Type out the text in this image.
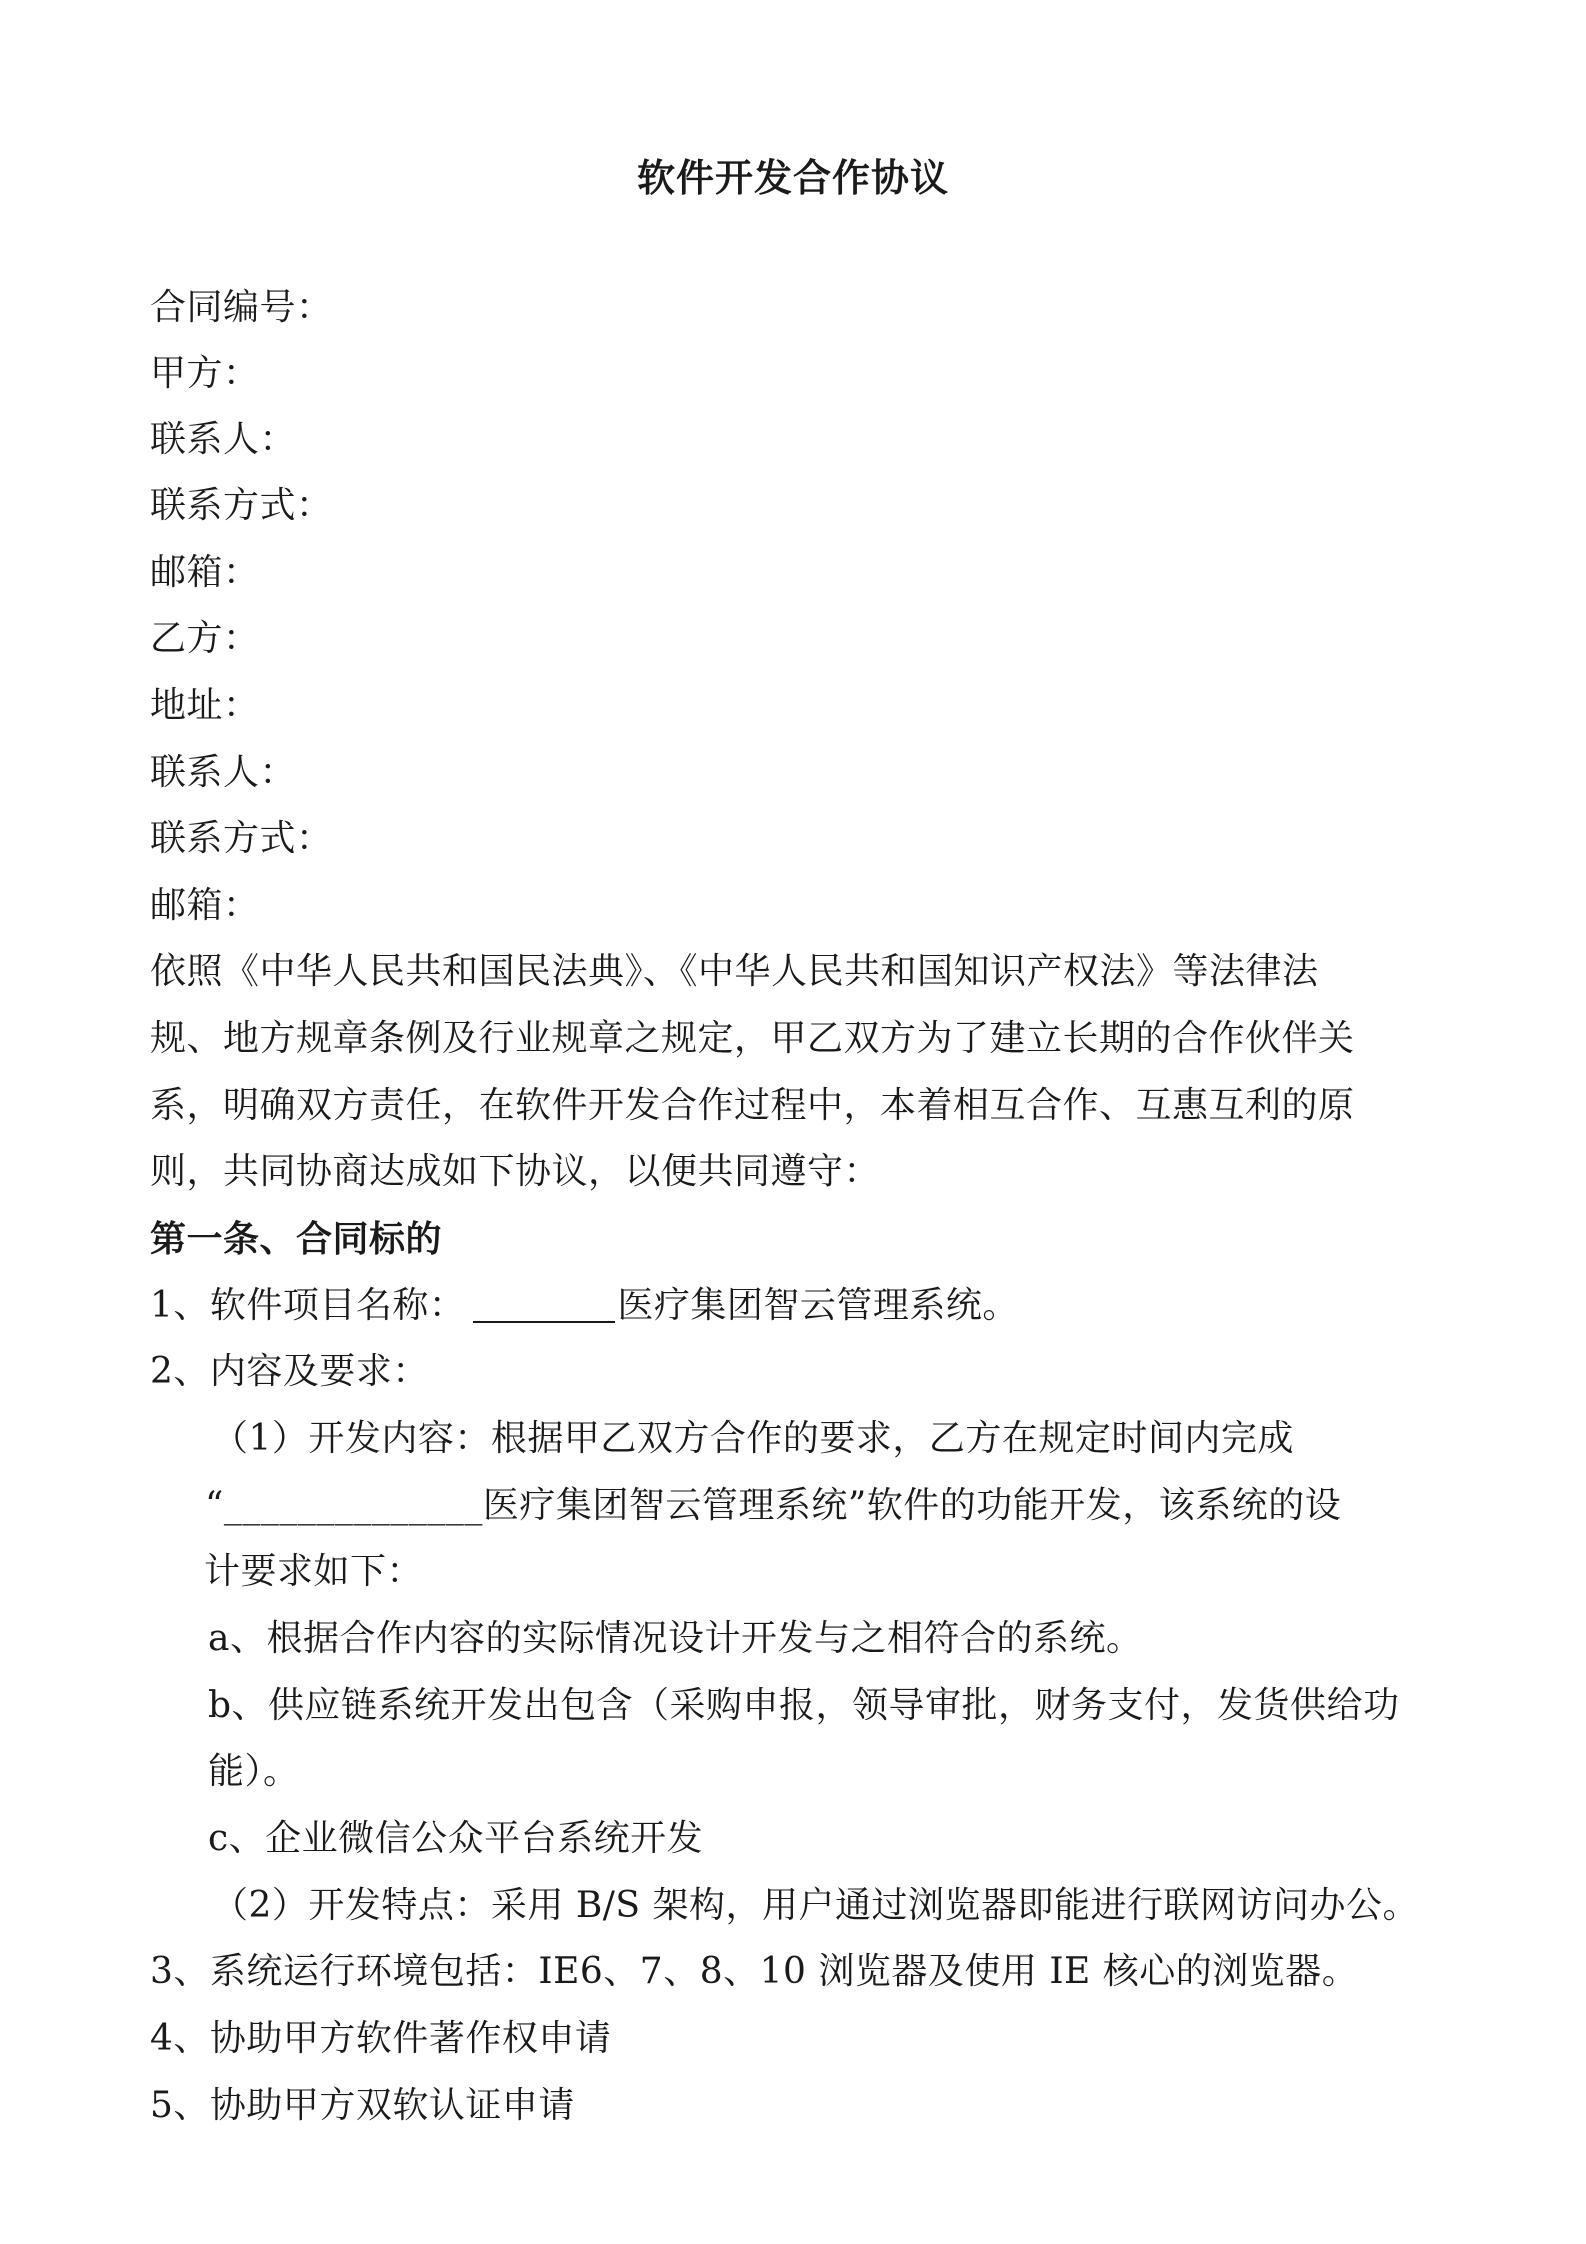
软件开发合作协议
合同编号：
甲方：
联系人：
联系方式：
邮箱：
乙方：
地址：
联系人：
联系方式：
邮箱：
依照《中华人民共和国民法典》、《中华人民共和国知识产权法》等法律法
规、地方规章条例及行业规章之规定，甲乙双方为了建立长期的合作伙伴关
系，明确双方责任，在软件开发合作过程中，本着相互合作、互惠互利的原
则，共同协商达成如下协议，以便共同遵守：
第一条、合同标的
1、软件项目名称：	医疗集团智云管理系统。
2、内容及要求：
（1）开发内容：根据甲乙双方合作的要求，乙方在规定时间内完成
“______________医疗集团智云管理系统”软件的功能开发，该系统的设
计要求如下：
a、根据合作内容的实际情况设计开发与之相符合的系统。
b、供应链系统开发出包含（采购申报，领导审批，财务支付，发货供给功
能）。
c、企业微信公众平台系统开发
（2）开发特点：采用 B/S 架构，用户通过浏览器即能进行联网访问办公。
3、系统运行环境包括：IE6、7、8、10 浏览器及使用 IE 核心的浏览器。
4、协助甲方软件著作权申请
5、协助甲方双软认证申请
